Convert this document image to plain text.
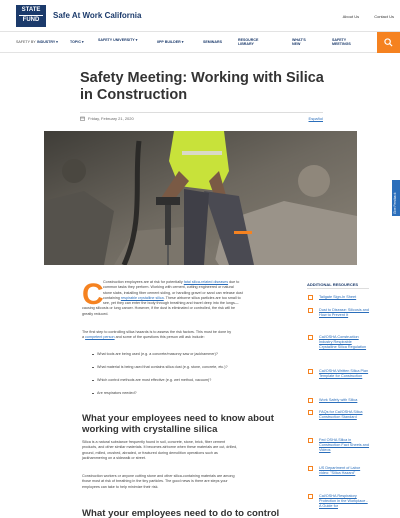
STATE
FUND	Safe At Work California	About Us	Contact Us
SAFETY BY INDUSTRY ▾	TOPIC ▾	SAFETY UNIVERSITY ▾	IIPP BUILDER ▾	SEMINARS	RESOURCE LIBRARY
WHAT'S NEW
SAFETY MEETINGS
Safety Meeting: Working with Silica in Construction
Friday, February 21, 2020	Español
C Construction employees are at risk for potentially fatal silica-related diseases due to
common tasks they perform. Working with cement, cutting engineered or natural
stone slabs, installing fiber cement siding, or handling gravel or sand can release dust
containing respirable crystalline silica. These airborne silica particles are too small to
see, yet they can enter the body through breathing and travel deep into the lungs—
causing silicosis or lung cancer. However, if the dust is eliminated or controlled, the risk will be
greatly reduced.
The first step to controlling silica hazards is to assess the risk factors. This must be done by
a competent person and some of the questions this person will ask include:
What tools are being used (e.g. a concrete/masonry saw or jackhammer)?
What material is being used that contains silica dust (e.g. stone, concrete, etc.)?
Which control methods are most effective (e.g. wet method, vacuum)?
Are respirators needed?
What your employees need to know about working with crystalline silica
Silica is a natural substance frequently found in soil, concrete, stone, brick, fiber cement
products, and other similar materials. It becomes airborne when these materials are cut, drilled,
ground, milled, crushed, abraded, or fractured during demolition operations such as
jackhammering on a sidewalk or street.
Construction workers or anyone cutting stone and other silica-containing materials are among
those most at risk of breathing in the tiny particles. The good news is there are steps your
employees can take to help minimize their risk.
What your employees need to do to control
ADDITIONAL RESOURCES
Tailgate Sign-In Sheet
Dust to Disease: Silicosis and How to Prevent It
Cal/OSHA Construction Industry Respirable Crystalline Silica Regulation
Cal/OSHA Written Silica Plan Template for Construction
Work Safely with Silica
FAQs for Cal/OSHA Silica Construction Standard
Fed OSHA Silica in Construction Fact Sheets and Videos
US Department of Labor video: "Silica Hazard"
Cal/OSHA Respiratory Protection in the Workplace - A Guide for
Give Feedback
